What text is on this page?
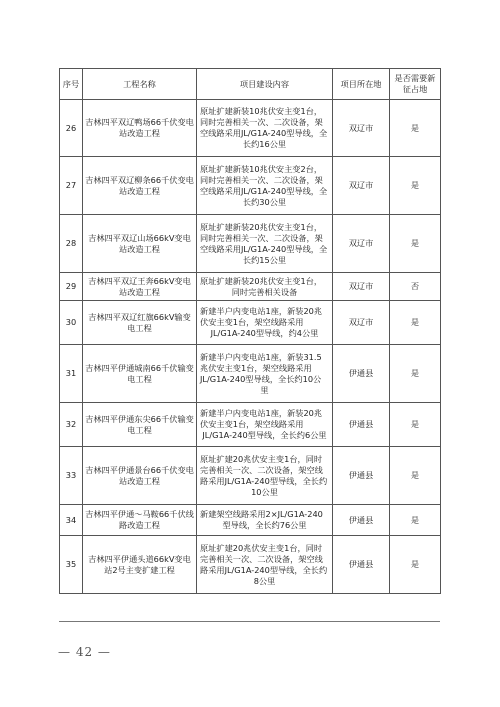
序号	工程名称	项目建设内容	项目所在地	是否需要新征占地
26	吉林四平双辽鸭场66千伏变电站改造工程	原址扩建新装10兆伏安主变1台，同时完善相关一次、二次设备，架空线路采用JL/G1A-240型导线，全长约16公里	双辽市	是
27	吉林四平双辽柳条66千伏变电站改造工程	原址扩建新装10兆伏安主变2台，同时完善相关一次、二次设备，架空线路采用JL/G1A-240型导线，全长约30公里	双辽市	是
28	吉林四平双辽山场66kV变电站改造工程	原址扩建新装20兆伏安主变1台，同时完善相关一次、二次设备，架空线路采用JL/G1A-240型导线，全长约15公里	双辽市	是
29	吉林四平双辽王奔66kV变电站改造工程	原址扩建新装20兆伏安主变1台，同时完善相关设备	双辽市	否
30	吉林四平双辽红旗66kV输变电工程	新建半户内变电站1座，新装20兆伏安主变1台，架空线路采用JL/G1A-240型导线，约4公里	双辽市	是
31	吉林四平伊通城南66千伏输变电工程	新建半户内变电站1座，新装31.5兆伏安主变1台，架空线路采用JL/G1A-240型导线，全长约10公里	伊通县	是
32	吉林四平伊通东尖66千伏输变电工程	新建半户内变电站1座，新装20兆伏安主变1台，架空线路采用JL/G1A-240型导线，全长约6公里	伊通县	是
33	吉林四平伊通景台66千伏变电站改造工程	原址扩建20兆伏安主变1台，同时完善相关一次、二次设备，架空线路采用JL/G1A-240型导线，全长约10公里	伊通县	是
34	吉林四平伊通～马鞍66千伏线路改造工程	新建架空线路采用2×JL/G1A-240型导线，全长约76公里	伊通县	是
35	吉林四平伊通头道66kV变电站2号主变扩建工程	原址扩建20兆伏安主变1台，同时完善相关一次、二次设备，架空线路采用JL/G1A-240型导线，全长约8公里	伊通县	是
— 42 —
